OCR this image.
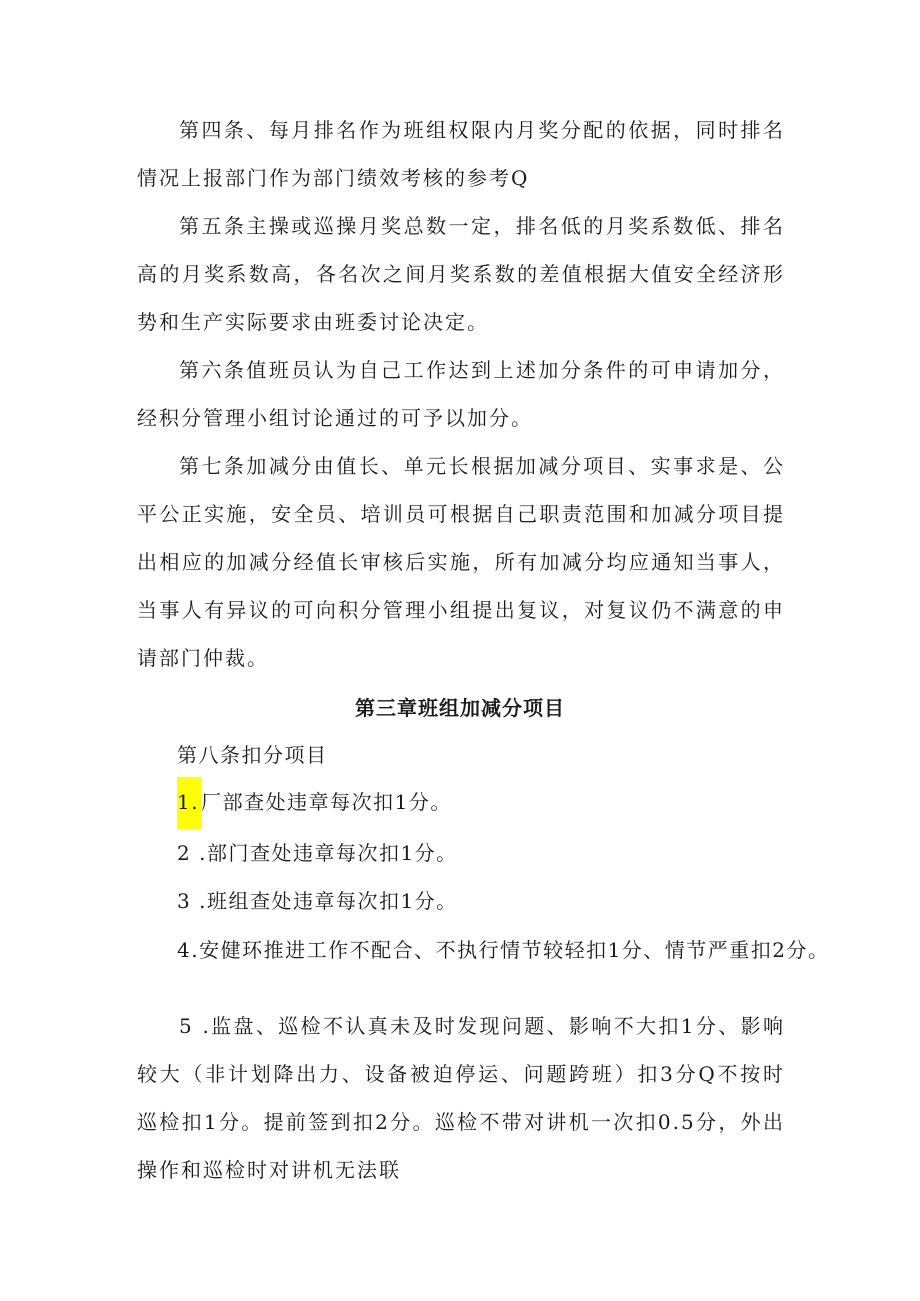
第四条、每月排名作为班组权限内月奖分配的依据，同时排名情况上报部门作为部门绩效考核的参考Q

第五条主操或巡操月奖总数一定，排名低的月奖系数低、排名高的月奖系数高，各名次之间月奖系数的差值根据大值安全经济形势和生产实际要求由班委讨论决定。

第六条值班员认为自己工作达到上述加分条件的可申请加分，经积分管理小组讨论通过的可予以加分。

第七条加减分由值长、单元长根据加减分项目、实事求是、公平公正实施，安全员、培训员可根据自己职责范围和加减分项目提出相应的加减分经值长审核后实施，所有加减分均应通知当事人，当事人有异议的可向积分管理小组提出复议，对复议仍不满意的申请部门仲裁。

第三章班组加减分项目

第八条扣分项目

1. 厂部查处违章每次扣1分。

2 .部门查处违章每次扣1分。

3 .班组查处违章每次扣1分。

4.安健环推进工作不配合、不执行情节较轻扣1分、情节严重扣2分。

5 .监盘、巡检不认真未及时发现问题、影响不大扣1分、影响较大（非计划降出力、设备被迫停运、问题跨班）扣3分Q不按时巡检扣1分。提前签到扣2分。巡检不带对讲机一次扣0.5分，外出操作和巡检时对讲机无法联
